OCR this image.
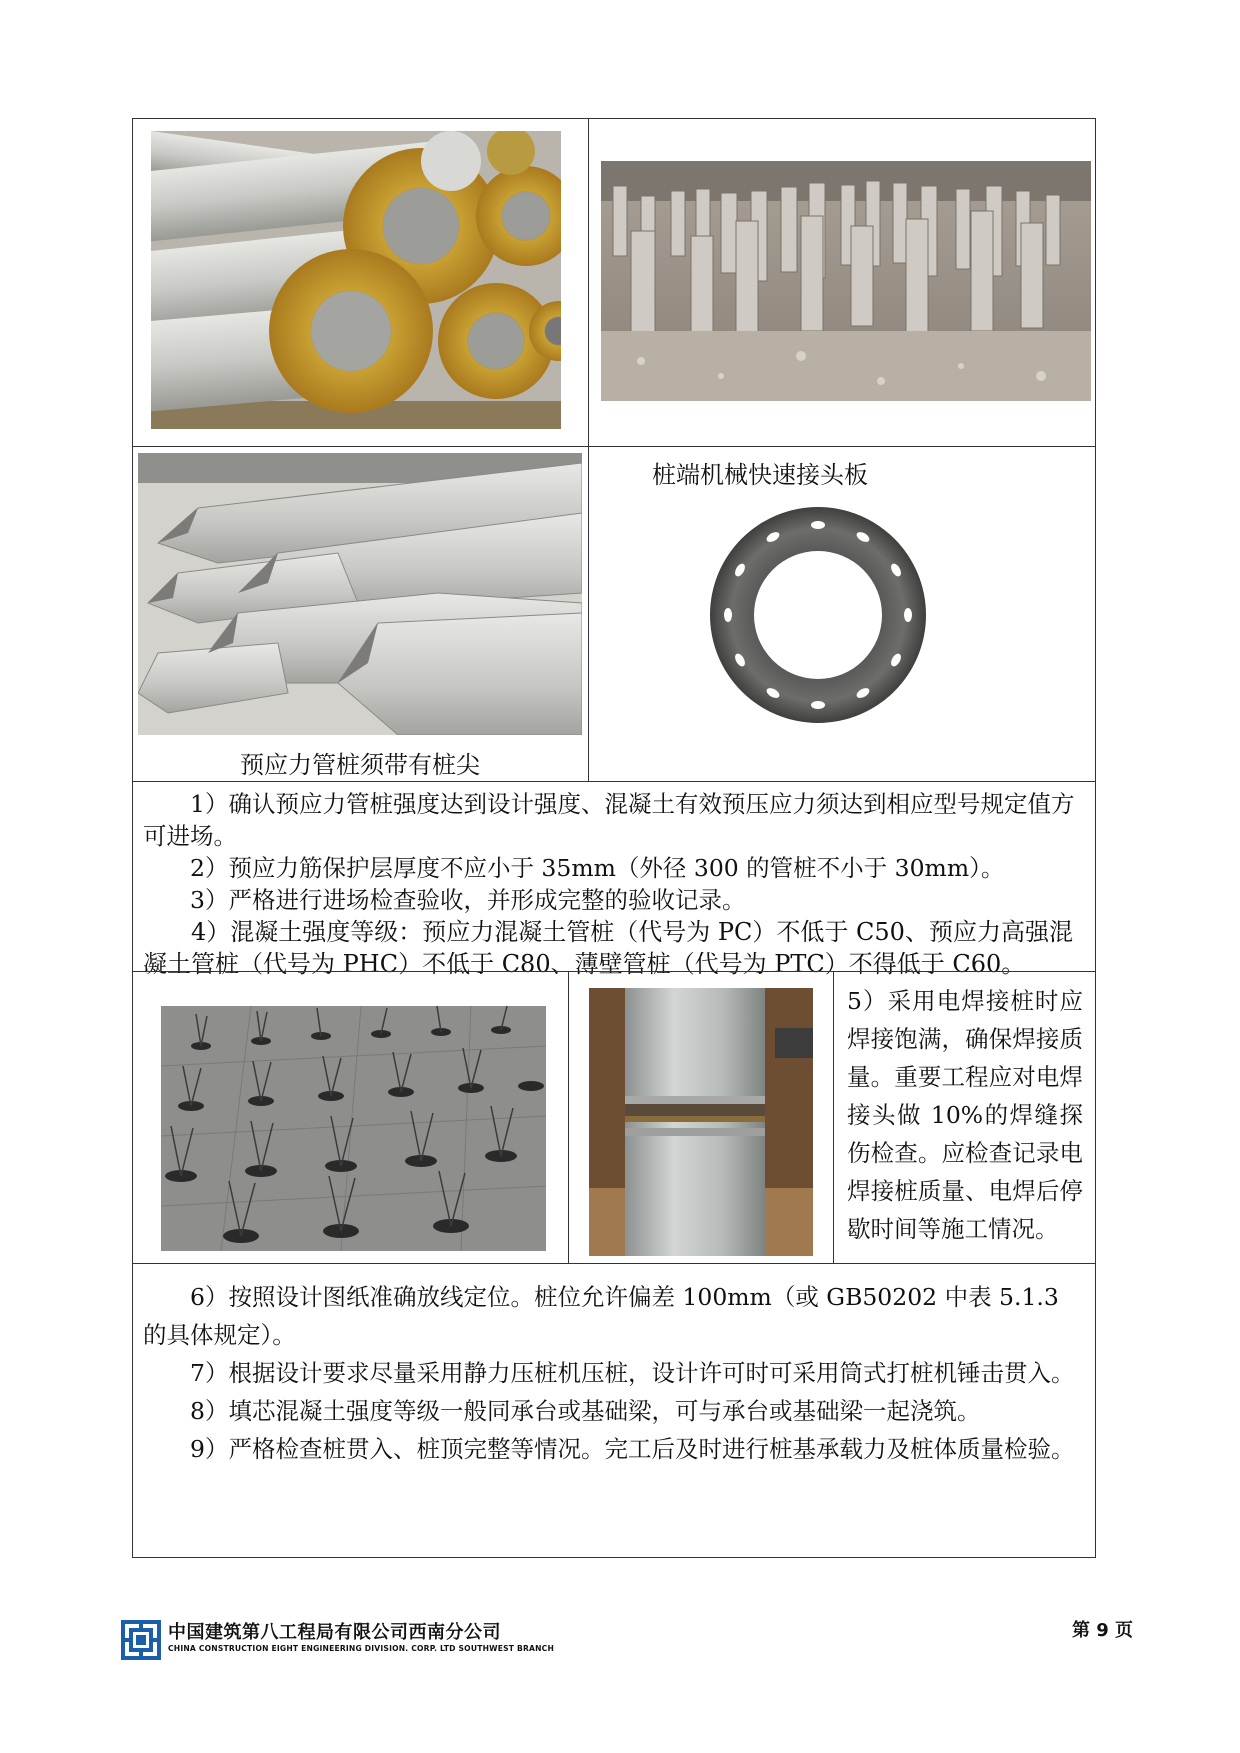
预应力管桩须带有桩尖
桩端机械快速接头板

1）确认预应力管桩强度达到设计强度、混凝土有效预压应力须达到相应型号规定值方可进场。

2）预应力筋保护层厚度不应小于 35mm（外径 300 的管桩不小于 30mm）。

3）严格进行进场检查验收，并形成完整的验收记录。

4）混凝土强度等级：预应力混凝土管桩（代号为 PC）不低于 C50、预应力高强混凝土管桩（代号为 PHC）不低于 C80、薄壁管桩（代号为 PTC）不得低于 C60。

5）采用电焊接桩时应焊接饱满，确保焊接质量。重要工程应对电焊接头做 10%的焊缝探伤检查。应检查记录电焊接桩质量、电焊后停歇时间等施工情况。

6）按照设计图纸准确放线定位。桩位允许偏差 100mm（或 GB50202 中表 5.1.3 的具体规定）。

7）根据设计要求尽量采用静力压桩机压桩，设计许可时可采用筒式打桩机锤击贯入。

8）填芯混凝土强度等级一般同承台或基础梁，可与承台或基础梁一起浇筑。

9）严格检查桩贯入、桩顶完整等情况。完工后及时进行桩基承载力及桩体质量检验。

中国建筑第八工程局有限公司西南分公司
CHINA CONSTRUCTION EIGHT ENGINEERING DIVISION. CORP. LTD SOUTHWEST BRANCH
第 9 页
